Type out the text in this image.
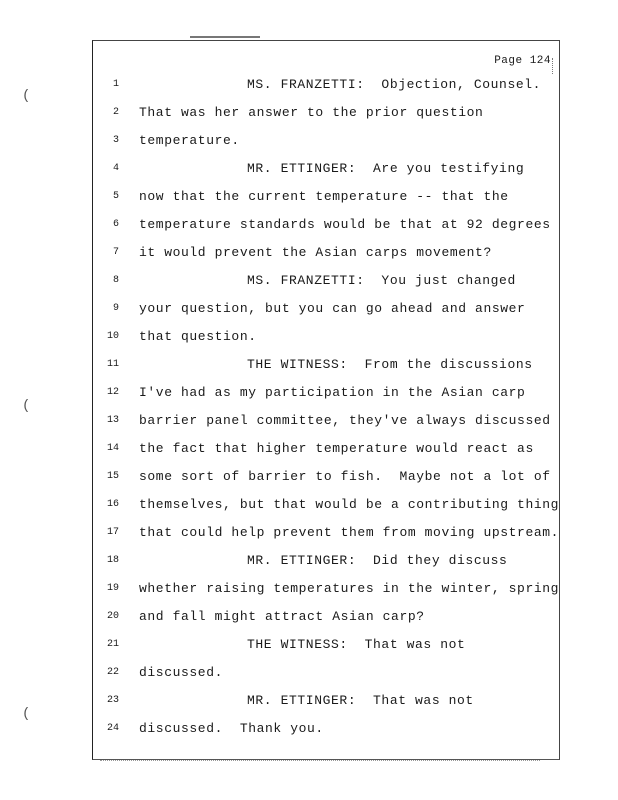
(
(
(
Page 124
1	MS. FRANZETTI:  Objection, Counsel.
2 That was her answer to the prior question
3 temperature.
4	MR. ETTINGER:  Are you testifying
5 now that the current temperature -- that the
6 temperature standards would be that at 92 degrees
7 it would prevent the Asian carps movement?
8	MS. FRANZETTI:  You just changed
9 your question, but you can go ahead and answer
10 that question.
11	THE WITNESS:  From the discussions
12 I've had as my participation in the Asian carp
13 barrier panel committee, they've always discussed
14 the fact that higher temperature would react as
15 some sort of barrier to fish.  Maybe not a lot of
16 themselves, but that would be a contributing thing
17 that could help prevent them from moving upstream.
18	MR. ETTINGER:  Did they discuss
19 whether raising temperatures in the winter, spring
20 and fall might attract Asian carp?
21	THE WITNESS:  That was not
22 discussed.
23	MR. ETTINGER:  That was not
24 discussed.  Thank you.
